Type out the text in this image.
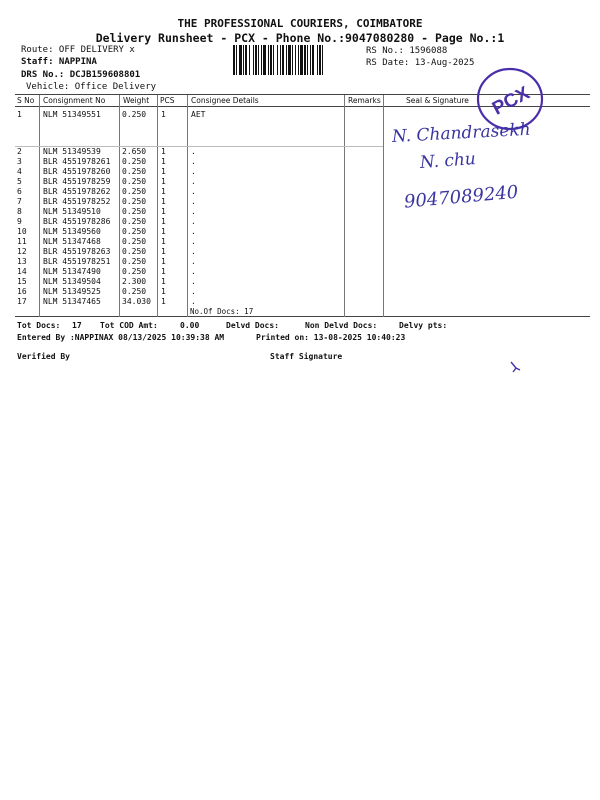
THE PROFESSIONAL COURIERS, COIMBATORE
Delivery Runsheet - PCX - Phone No.:9047080280 - Page No.:1
Route: OFF DELIVERY x
Staff: NAPPINA
DRS No.: DCJB159608801
Vehicle: Office Delivery
RS No.: 1596088
RS Date: 13-Aug-2025
S No Consignment No Weight PCS Consignee Details	Remarks	Seal & Signature
1	NLM 51349551	0.250 1	AET
2	NLM 51349539	2.650 1	.
3	BLR 4551978261 0.250 1	.
4	BLR 4551978260 0.250 1	.
5	BLR 4551978259 0.250 1	.
6	BLR 4551978262 0.250 1	.
7	BLR 4551978252 0.250 1	.
8	NLM 51349510	0.250 1	.
9	BLR 4551978286 0.250 1	.
10 NLM 51349560	0.250 1	.
11 NLM 51347468	0.250 1	.
12 BLR 4551978263 0.250 1	.
13 BLR 4551978251 0.250 1	.
14 NLM 51347490	0.250 1	.
15 NLM 51349504	2.300 1	.
16 NLM 51349525	0.250 1	.
17 NLM 51347465	34.030 1	.
No.Of Docs: 17
Tot Docs: 17 Tot COD Amt:	0.00	Delvd Docs:	Non Delvd Docs:	Delvy pts:
Entered By :NAPPINAX 08/13/2025 10:39:38 AM	Printed on: 13-08-2025 10:40:23
Verified By	Staff Signature
PCX
N. Chandrasekh
N. chu
9047089240
